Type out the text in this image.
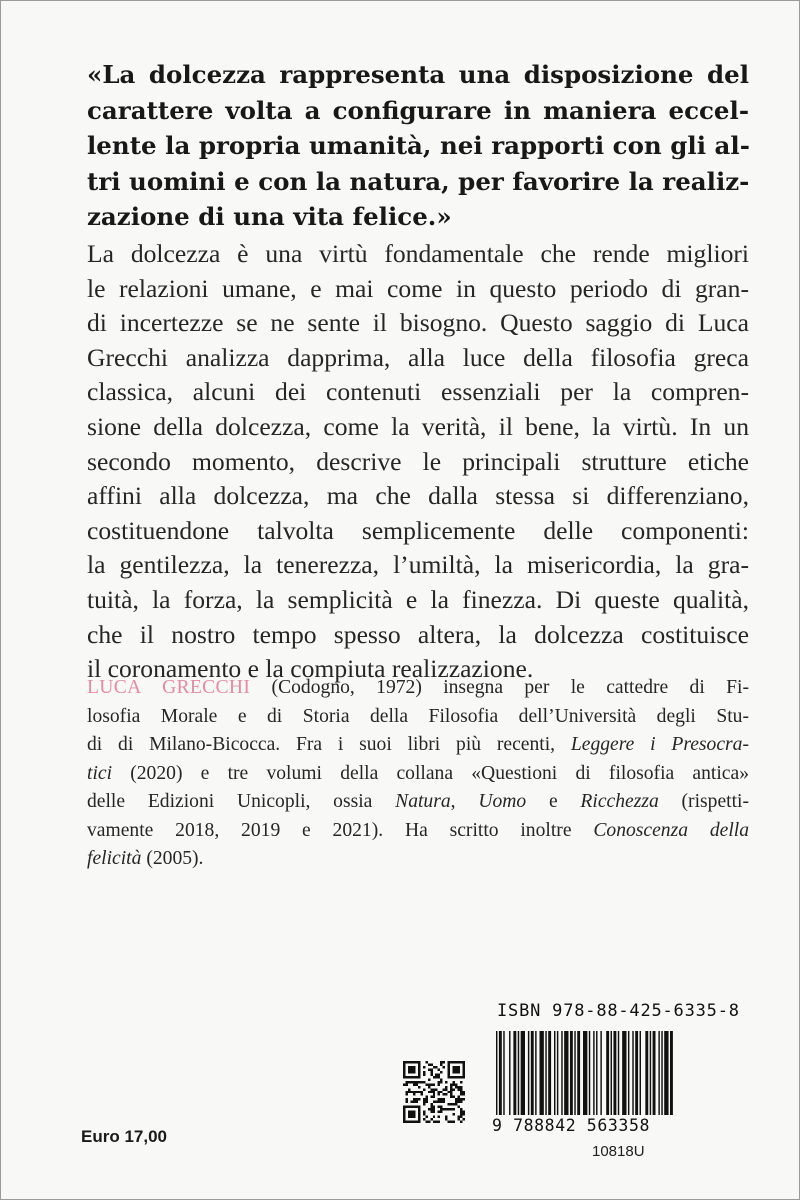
«La dolcezza rappresenta una disposizione del
carattere volta a configurare in maniera eccel-
lente la propria umanità, nei rapporti con gli al-
tri uomini e con la natura, per favorire la realiz-
zazione di una vita felice.»
La dolcezza è una virtù fondamentale che rende migliori
le relazioni umane, e mai come in questo periodo di gran-
di incertezze se ne sente il bisogno. Questo saggio di Luca
Grecchi analizza dapprima, alla luce della filosofia greca
classica, alcuni dei contenuti essenziali per la compren-
sione della dolcezza, come la verità, il bene, la virtù. In un
secondo momento, descrive le principali strutture etiche
affini alla dolcezza, ma che dalla stessa si differenziano,
costituendone talvolta semplicemente delle componenti:
la gentilezza, la tenerezza, l’umiltà, la misericordia, la gra-
tuità, la forza, la semplicità e la finezza. Di queste qualità,
che il nostro tempo spesso altera, la dolcezza costituisce
il coronamento e la compiuta realizzazione.
LUCA GRECCHI (Codogno, 1972) insegna per le cattedre di Fi-
losofia Morale e di Storia della Filosofia dell’Università degli Stu-
di di Milano-Bicocca. Fra i suoi libri più recenti, Leggere i Presocra-
tici (2020) e tre volumi della collana «Questioni di filosofia antica»
delle Edizioni Unicopli, ossia Natura, Uomo e Ricchezza (rispetti-
vamente 2018, 2019 e 2021). Ha scritto inoltre Conoscenza della
felicità (2005).
ISBN 978-88-425-6335-8
9 788842 563358
10818U
Euro 17,00
